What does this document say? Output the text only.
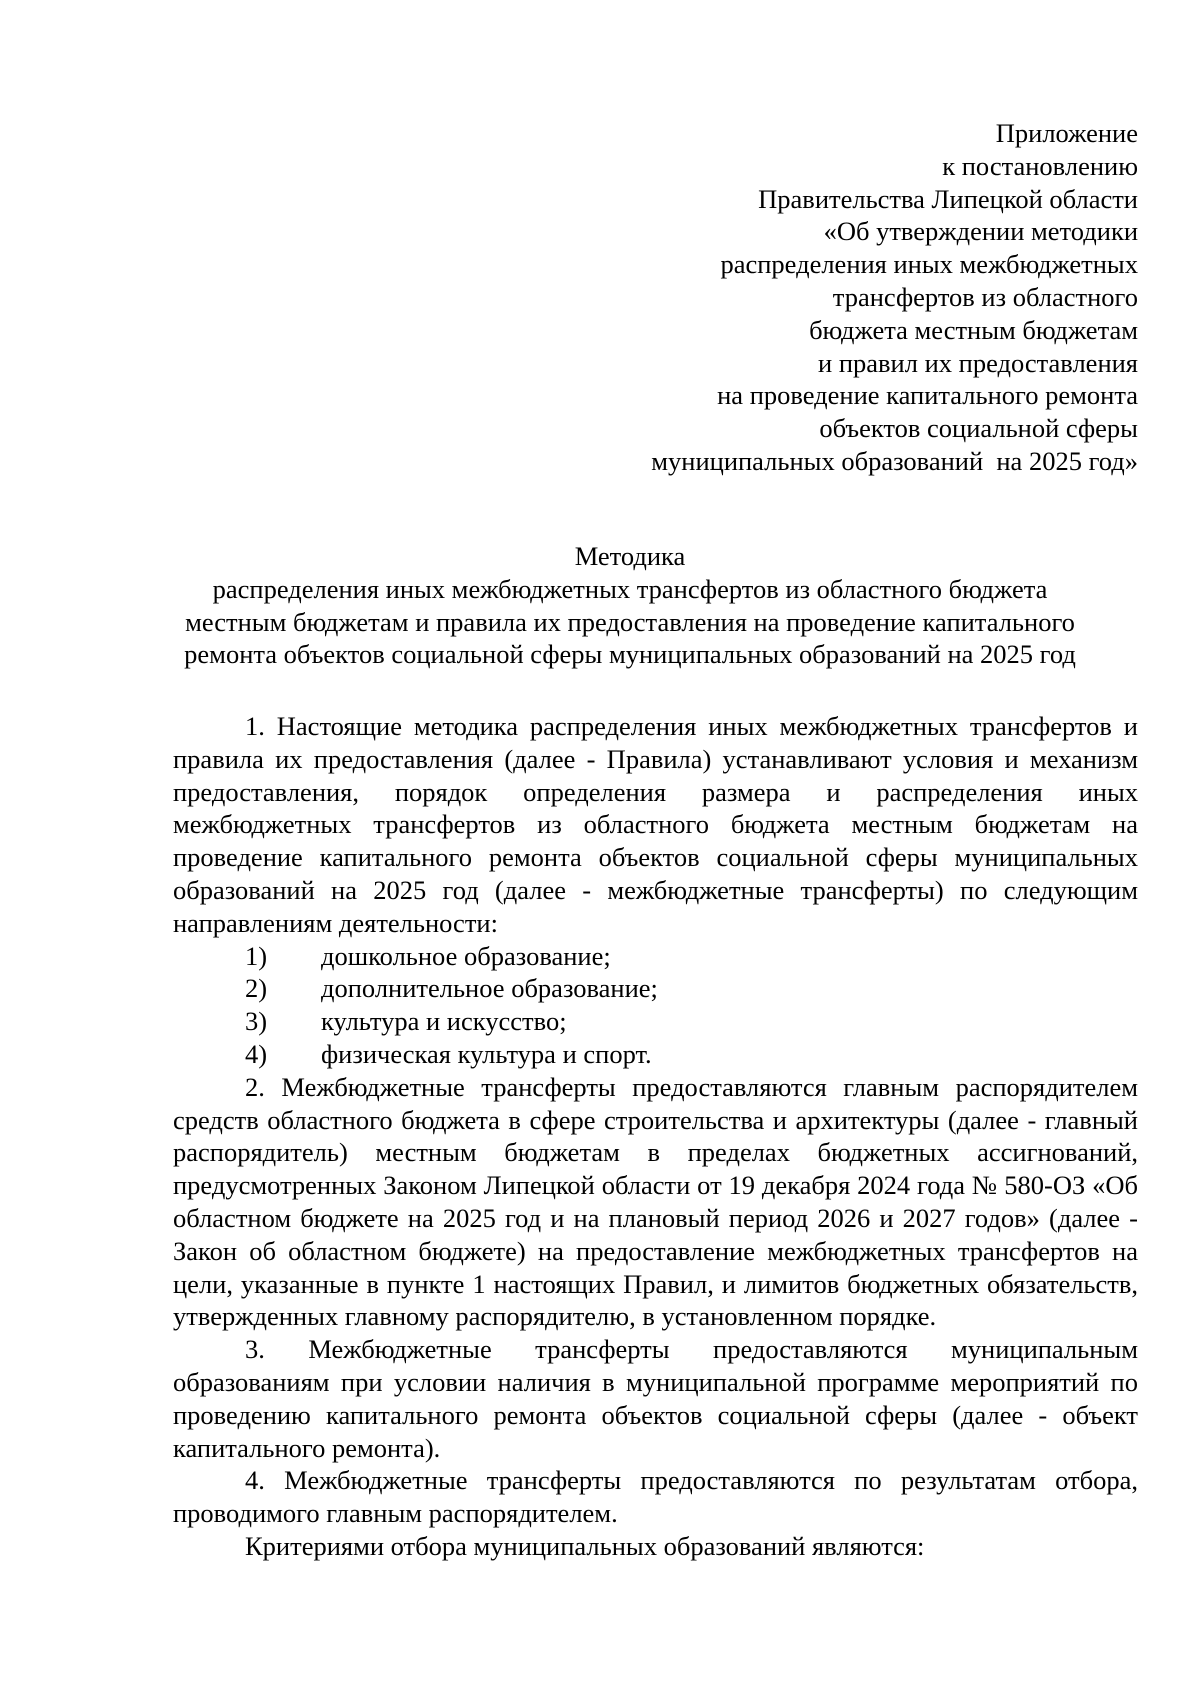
Приложение
к постановлению
Правительства Липецкой области
«Об утверждении методики
распределения иных межбюджетных
трансфертов из областного
бюджета местным бюджетам
и правил их предоставления
на проведение капитального ремонта
объектов социальной сферы
муниципальных образований  на 2025 год»
Методика
распределения иных межбюджетных трансфертов из областного бюджета
местным бюджетам и правила их предоставления на проведение капитального
ремонта объектов социальной сферы муниципальных образований на 2025 год

1. Настоящие методика распределения иных межбюджетных трансфертов и правила их предоставления (далее - Правила) устанавливают условия и механизм предоставления, порядок определения размера и распределения иных межбюджетных трансфертов из областного бюджета местным бюджетам на проведение капитального ремонта объектов социальной сферы муниципальных образований на 2025 год (далее - межбюджетные трансферты) по следующим направлениям деятельности:

1)	дошкольное образование;
2)	дополнительное образование;
3)	культура и искусство;
4)	физическая культура и спорт.

2. Межбюджетные трансферты предоставляются главным распорядителем средств областного бюджета в сфере строительства и архитектуры (далее - главный распорядитель) местным бюджетам в пределах бюджетных ассигнований, предусмотренных Законом Липецкой области от 19 декабря 2024 года № 580-ОЗ «Об областном бюджете на 2025 год и на плановый период 2026 и 2027 годов» (далее - Закон об областном бюджете) на предоставление межбюджетных трансфертов на цели, указанные в пункте 1 настоящих Правил, и лимитов бюджетных обязательств, утвержденных главному распорядителю, в установленном порядке.

3. Межбюджетные трансферты предоставляются муниципальным образованиям при условии наличия в муниципальной программе мероприятий по проведению капитального ремонта объектов социальной сферы (далее - объект капитального ремонта).

4. Межбюджетные трансферты предоставляются по результатам отбора, проводимого главным распорядителем.

Критериями отбора муниципальных образований являются:
